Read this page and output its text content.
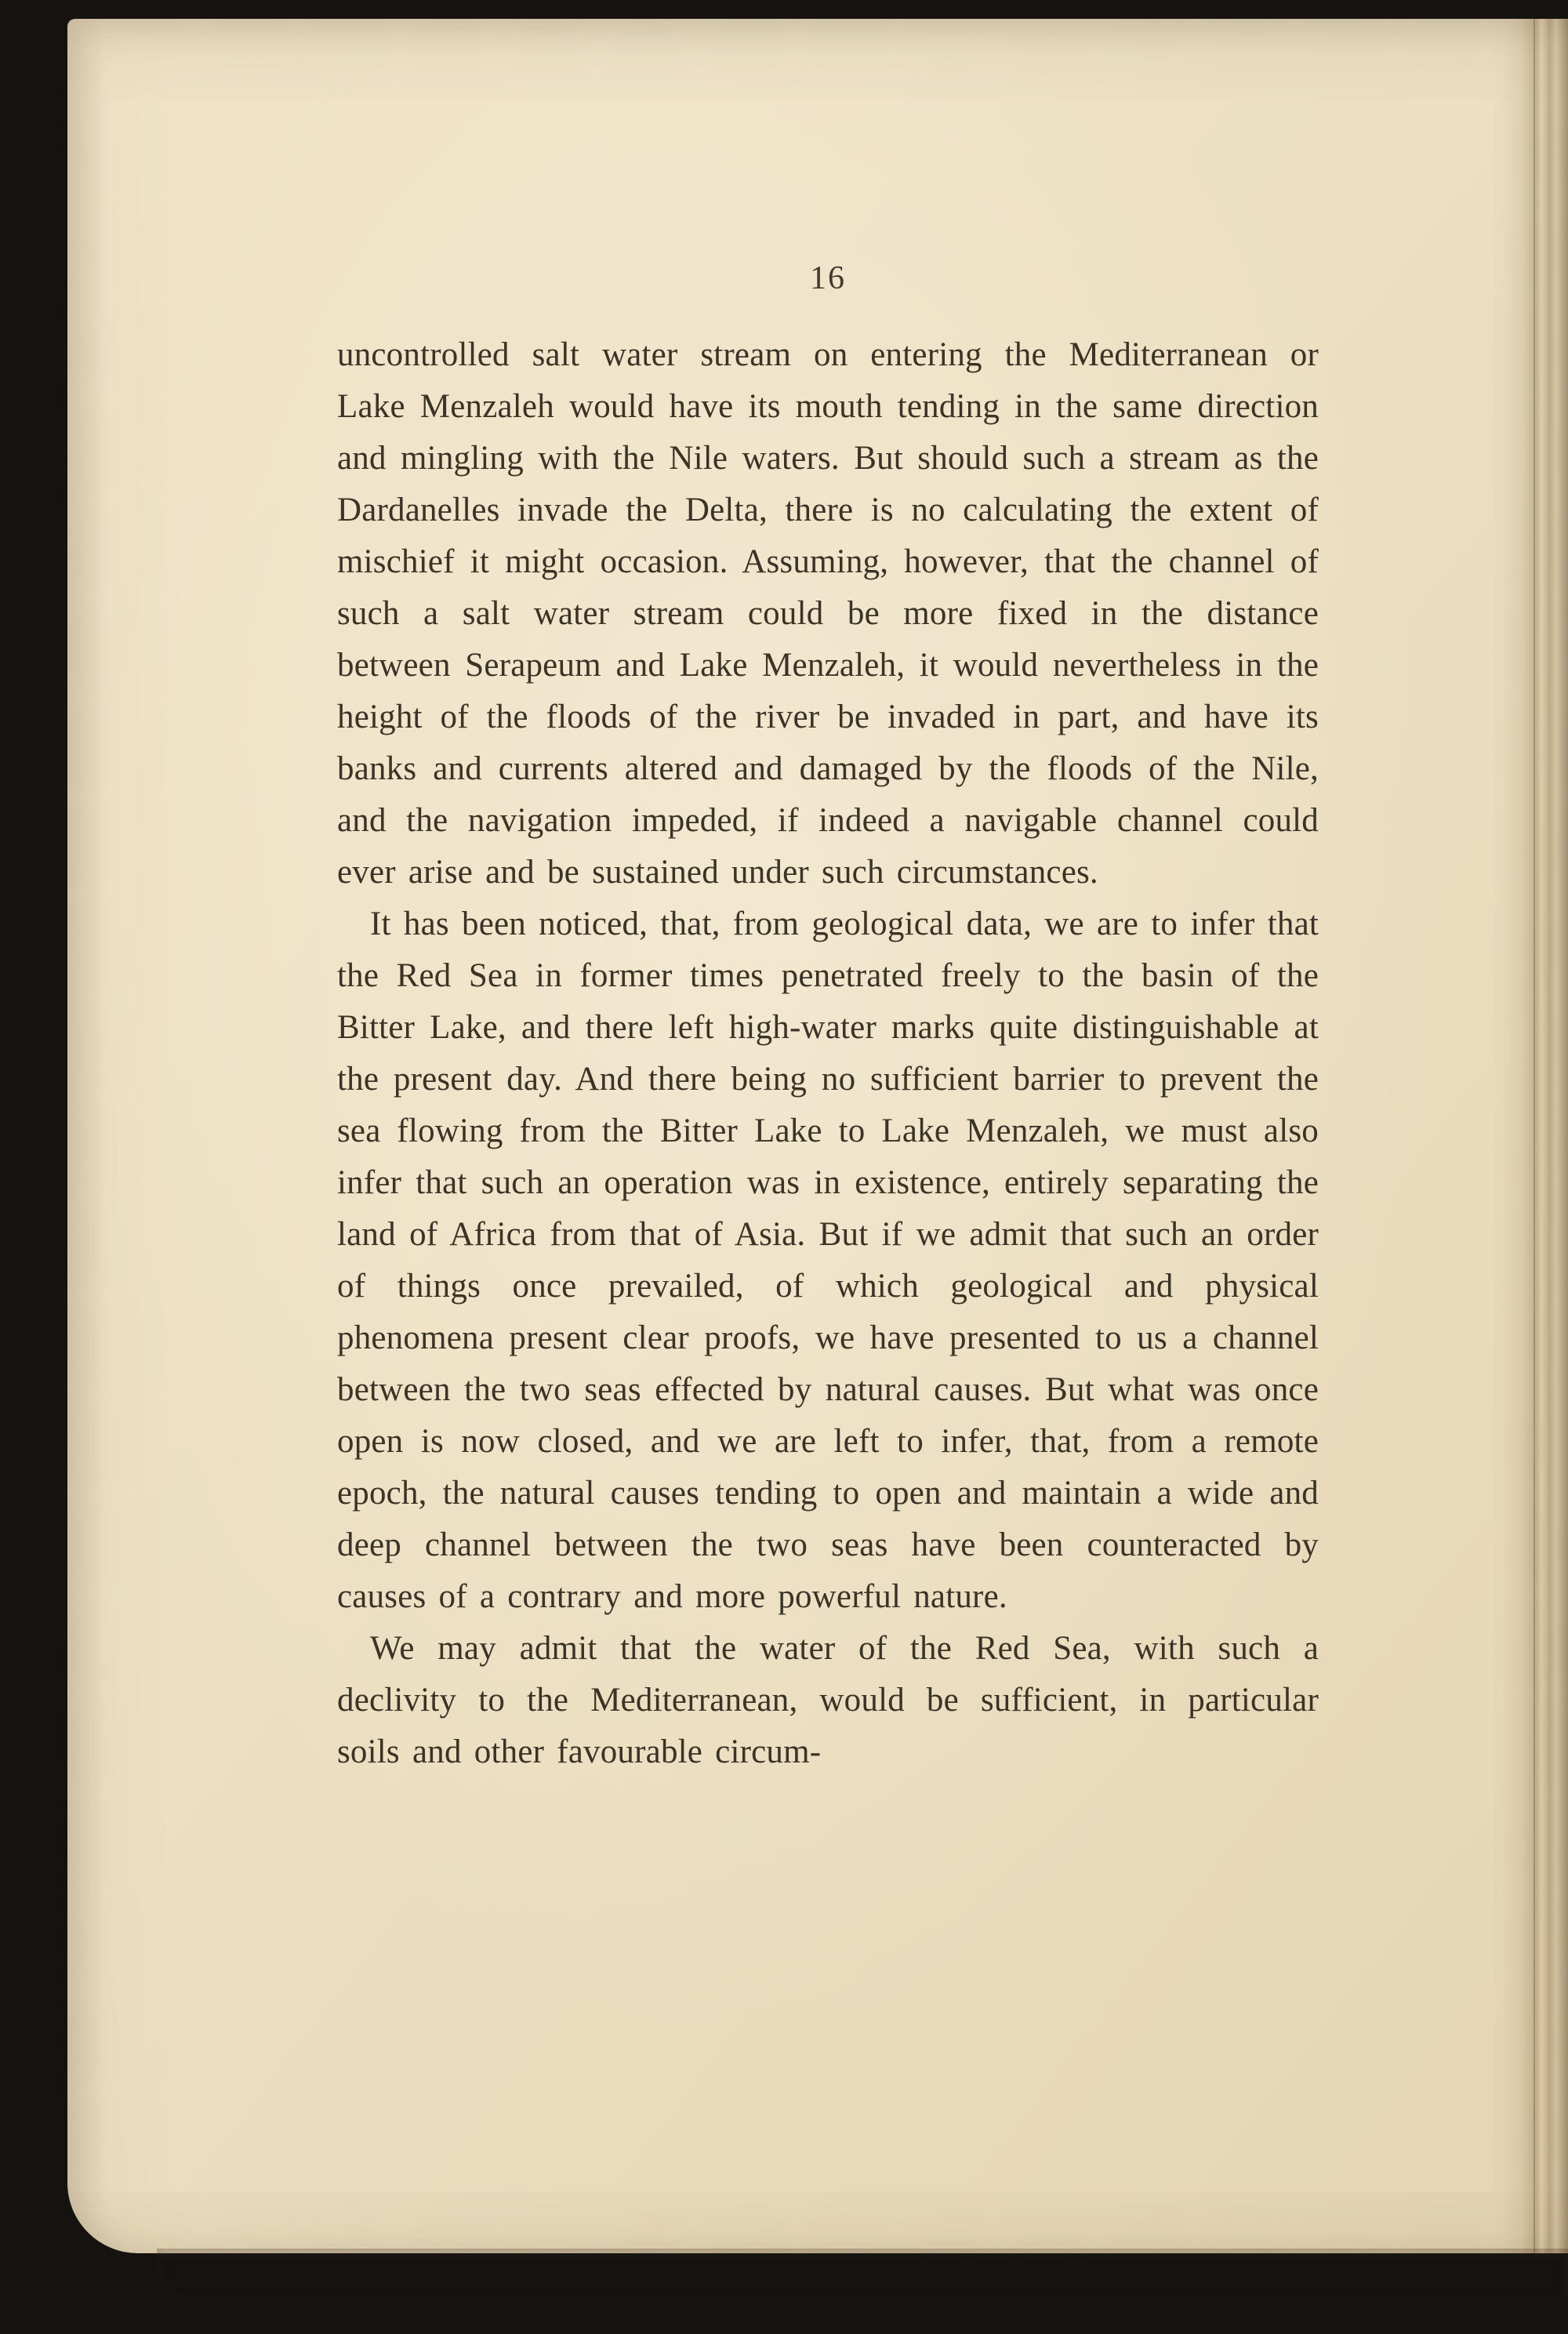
16

uncontrolled salt water stream on entering the Mediterranean or Lake Menzaleh would have its mouth tending in the same direction and mingling with the Nile waters. But should such a stream as the Dardanelles invade the Delta, there is no calculating the extent of mischief it might occasion. Assuming, however, that the channel of such a salt water stream could be more fixed in the distance between Serapeum and Lake Menzaleh, it would nevertheless in the height of the floods of the river be invaded in part, and have its banks and currents altered and damaged by the floods of the Nile, and the navigation impeded, if indeed a navigable channel could ever arise and be sustained under such circumstances.

It has been noticed, that, from geological data, we are to infer that the Red Sea in former times penetrated freely to the basin of the Bitter Lake, and there left high-water marks quite distinguishable at the present day. And there being no sufficient barrier to prevent the sea flowing from the Bitter Lake to Lake Menzaleh, we must also infer that such an operation was in existence, entirely separating the land of Africa from that of Asia. But if we admit that such an order of things once prevailed, of which geological and physical phenomena present clear proofs, we have presented to us a channel between the two seas effected by natural causes. But what was once open is now closed, and we are left to infer, that, from a remote epoch, the natural causes tending to open and maintain a wide and deep channel between the two seas have been counteracted by causes of a contrary and more powerful nature.

We may admit that the water of the Red Sea, with such a declivity to the Mediterranean, would be sufficient, in particular soils and other favourable circum-
